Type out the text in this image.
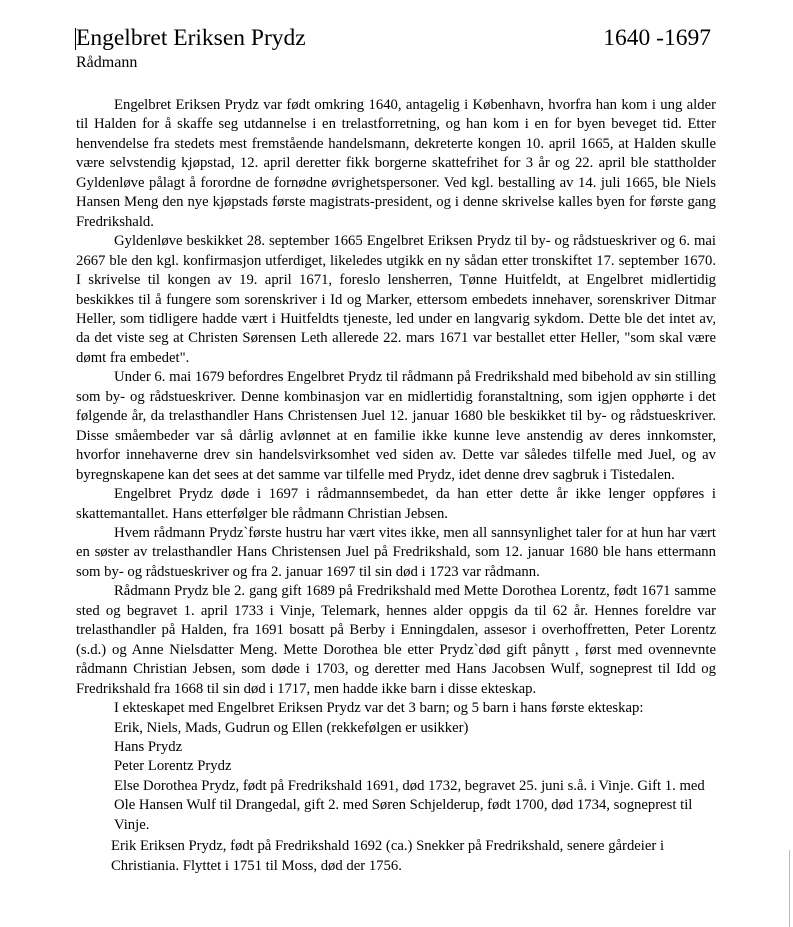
Engelbret Eriksen Prydz	1640 -1697
Rådmann

Engelbret Eriksen Prydz var født omkring 1640, antagelig i København, hvorfra han kom i ung alder til Halden for å skaffe seg utdannelse i en trelastforretning, og han kom i en for byen beveget tid. Etter henvendelse fra stedets mest fremstående handelsmann, dekreterte kongen 10. april 1665, at Halden skulle være selvstendig kjøpstad, 12. april deretter fikk borgerne skattefrihet for 3 år og 22. april ble stattholder Gyldenløve pålagt å forordne de fornødne øvrighetspersoner. Ved kgl. bestalling av 14. juli 1665, ble Niels Hansen Meng den nye kjøpstads første magistrats-president, og i denne skrivelse kalles byen for første gang Fredrikshald.

Gyldenløve beskikket 28. september 1665 Engelbret Eriksen Prydz til by- og rådstueskriver og 6. mai 2667 ble den kgl. konfirmasjon utferdiget, likeledes utgikk en ny sådan etter tronskiftet 17. september 1670. I skrivelse til kongen av 19. april 1671, foreslo lensherren, Tønne Huitfeldt, at Engelbret midlertidig beskikkes til å fungere som sorenskriver i Id og Marker, ettersom embedets innehaver, sorenskriver Ditmar Heller, som tidligere hadde vært i Huitfeldts tjeneste, led under en langvarig sykdom. Dette ble det intet av, da det viste seg at Christen Sørensen Leth allerede 22. mars 1671 var bestallet etter Heller, "som skal være dømt fra embedet".

Under 6. mai 1679 befordres Engelbret Prydz til rådmann på Fredrikshald med bibehold av sin stilling som by- og rådstueskriver. Denne kombinasjon var en midlertidig foranstaltning, som igjen opphørte i det følgende år, da trelasthandler Hans Christensen Juel 12. januar 1680 ble beskikket til by- og rådstueskriver. Disse småembeder var så dårlig avlønnet at en familie ikke kunne leve anstendig av deres innkomster, hvorfor innehaverne drev sin handelsvirksomhet ved siden av. Dette var således tilfelle med Juel, og av byregnskapene kan det sees at det samme var tilfelle med Prydz, idet denne drev sagbruk i Tistedalen.

Engelbret Prydz døde i 1697 i rådmannsembedet, da han etter dette år ikke lenger oppføres i skattemantallet. Hans etterfølger ble rådmann Christian Jebsen.

Hvem rådmann Prydz`første hustru har vært vites ikke, men all sannsynlighet taler for at hun har vært en søster av trelasthandler Hans Christensen Juel på Fredrikshald, som 12. januar 1680 ble hans ettermann som by- og rådstueskriver og fra 2. januar 1697 til sin død i 1723 var rådmann.

Rådmann Prydz ble 2. gang gift 1689 på Fredrikshald med Mette Dorothea Lorentz, født 1671 samme sted og begravet 1. april 1733 i Vinje, Telemark, hennes alder oppgis da til 62 år. Hennes foreldre var trelasthandler på Halden, fra 1691 bosatt på Berby i Enningdalen, assesor i overhoffretten, Peter Lorentz (s.d.) og Anne Nielsdatter Meng. Mette Dorothea ble etter Prydz`død gift pånytt , først med ovennevnte rådmann Christian Jebsen, som døde i 1703, og deretter med Hans Jacobsen Wulf, sogneprest til Idd og Fredrikshald fra 1668 til sin død i 1717, men hadde ikke barn i disse ekteskap.

I ekteskapet med Engelbret Eriksen Prydz var det 3 barn; og 5 barn i hans første ekteskap:
Erik, Niels, Mads, Gudrun og Ellen (rekkefølgen er usikker)
Hans Prydz
Peter Lorentz Prydz
Else Dorothea Prydz, født på Fredrikshald 1691, død 1732, begravet 25. juni s.å. i Vinje. Gift 1. med Ole Hansen Wulf til Drangedal, gift 2. med Søren Schjelderup, født 1700, død 1734, sogneprest til Vinje.
Erik Eriksen Prydz, født på Fredrikshald 1692 (ca.) Snekker på Fredrikshald, senere gårdeier i Christiania. Flyttet i 1751 til Moss, død der 1756.
